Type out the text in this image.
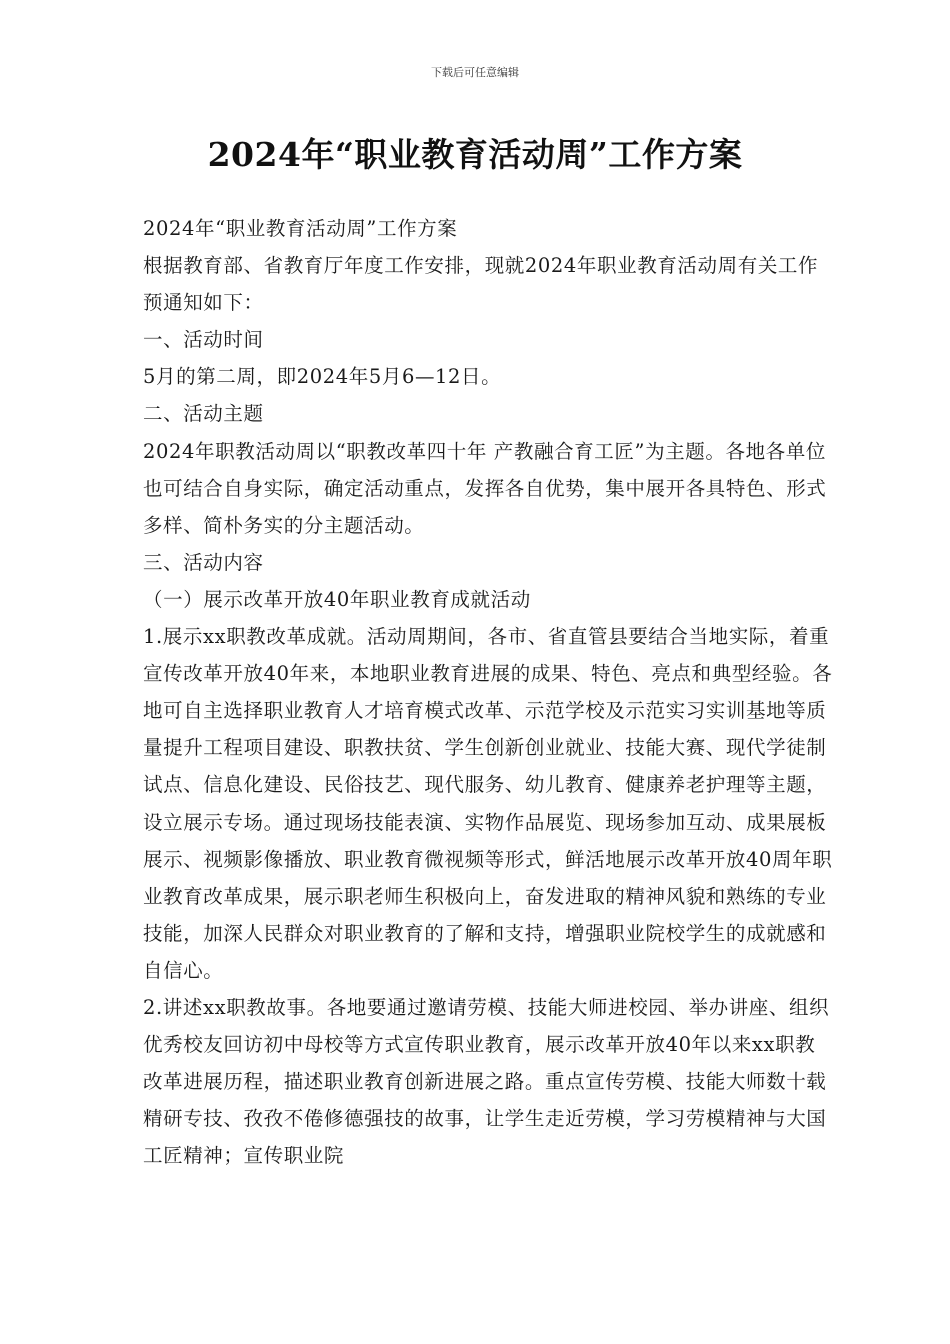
下载后可任意编辑
2024年“职业教育活动周”工作方案

2024年“职业教育活动周”工作方案

根据教育部、省教育厅年度工作安排，现就2024年职业教育活动周有关工作预通知如下：

一、活动时间

5月的第二周，即2024年5月6—12日。

二、活动主题

2024年职教活动周以“职教改革四十年 产教融合育工匠”为主题。各地各单位也可结合自身实际，确定活动重点，发挥各自优势，集中展开各具特色、形式多样、简朴务实的分主题活动。

三、活动内容

（一）展示改革开放40年职业教育成就活动

1.展示xx职教改革成就。活动周期间，各市、省直管县要结合当地实际，着重宣传改革开放40年来，本地职业教育进展的成果、特色、亮点和典型经验。各地可自主选择职业教育人才培育模式改革、示范学校及示范实习实训基地等质量提升工程项目建设、职教扶贫、学生创新创业就业、技能大赛、现代学徒制试点、信息化建设、民俗技艺、现代服务、幼儿教育、健康养老护理等主题，设立展示专场。通过现场技能表演、实物作品展览、现场参加互动、成果展板展示、视频影像播放、职业教育微视频等形式，鲜活地展示改革开放40周年职业教育改革成果，展示职老师生积极向上，奋发进取的精神风貌和熟练的专业技能，加深人民群众对职业教育的了解和支持，增强职业院校学生的成就感和自信心。

2.讲述xx职教故事。各地要通过邀请劳模、技能大师进校园、举办讲座、组织优秀校友回访初中母校等方式宣传职业教育，展示改革开放40年以来xx职教改革进展历程，描述职业教育创新进展之路。重点宣传劳模、技能大师数十载精研专技、孜孜不倦修德强技的故事，让学生走近劳模，学习劳模精神与大国工匠精神；宣传职业院
